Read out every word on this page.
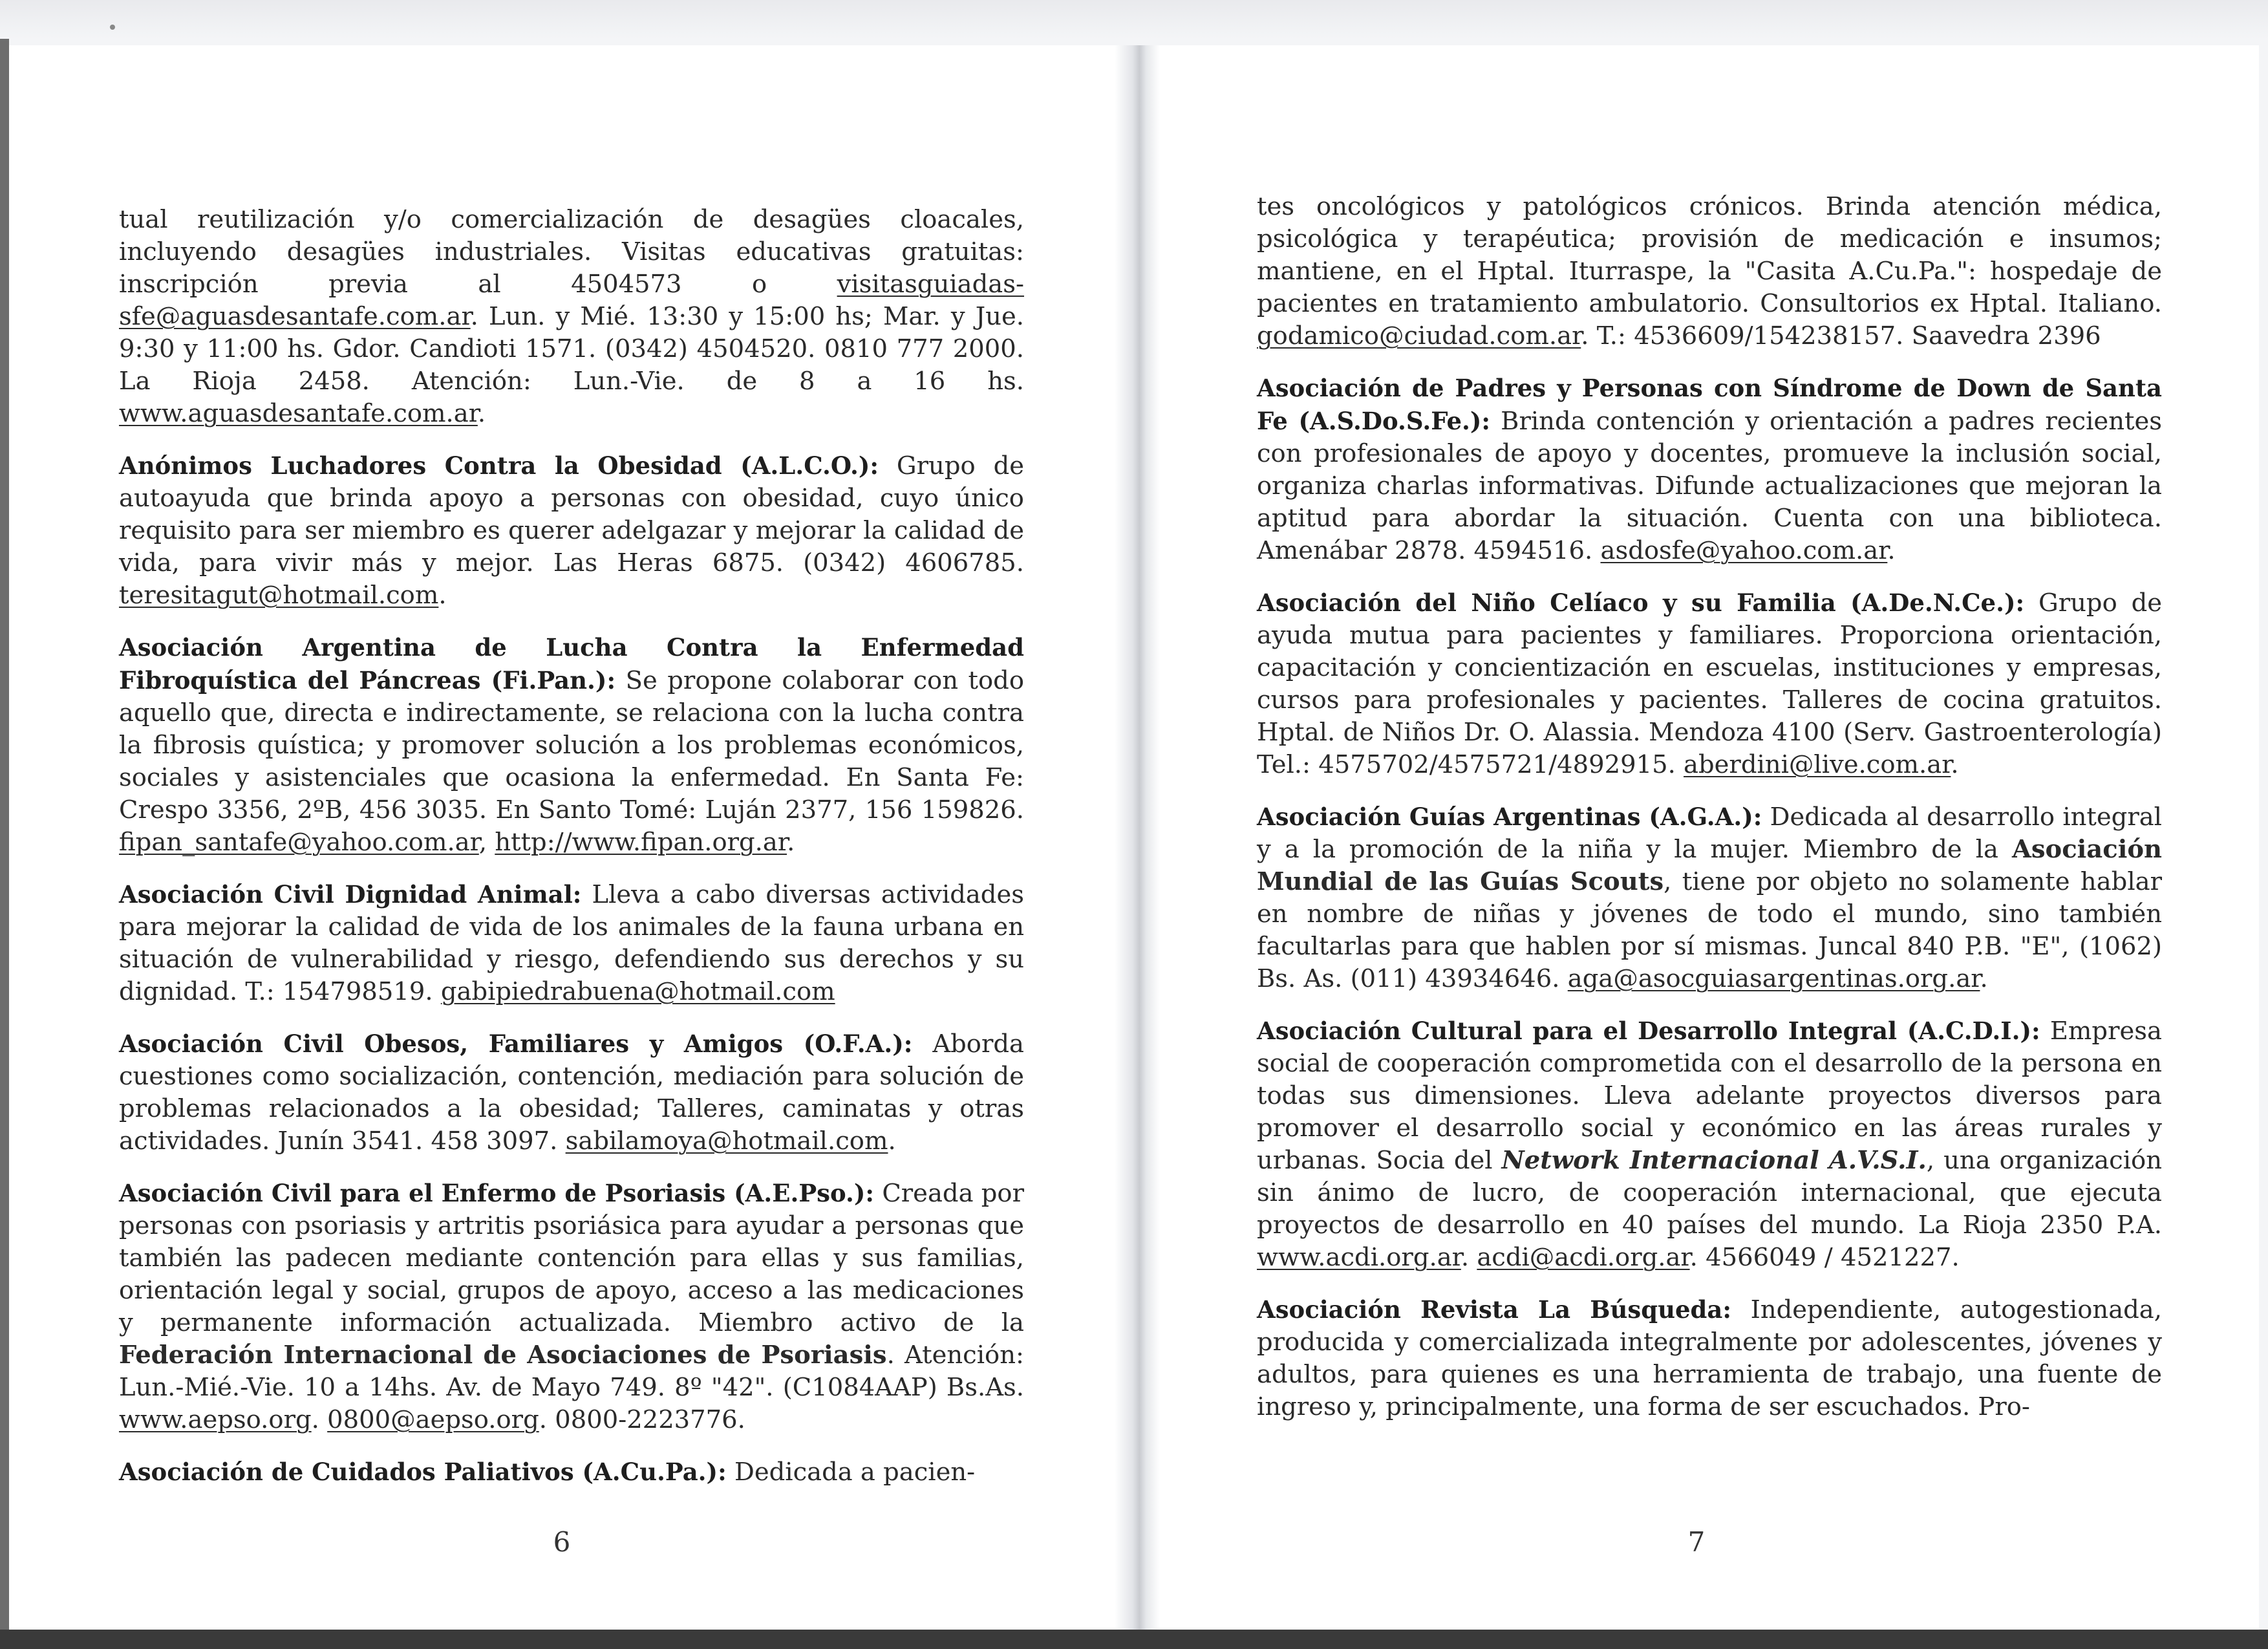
tual reutilización y/o comercialización de desagües cloacales, incluyendo desagües industriales. Visitas educativas gratuitas: inscripción previa al 4504573 o visitasguiadas-sfe@aguasdesantafe.com.ar. Lun. y Mié. 13:30 y 15:00 hs; Mar. y Jue. 9:30 y 11:00 hs. Gdor. Candioti 1571. (0342) 4504520. 0810 777 2000. La Rioja 2458. Atención: Lun.-Vie. de 8 a 16 hs. www.aguasdesantafe.com.ar.

Anónimos Luchadores Contra la Obesidad (A.L.C.O.): Grupo de autoayuda que brinda apoyo a personas con obesidad, cuyo único requisito para ser miembro es querer adelgazar y mejorar la calidad de vida, para vivir más y mejor. Las Heras 6875. (0342) 4606785. teresitagut@hotmail.com.

Asociación Argentina de Lucha Contra la Enfermedad Fibroquística del Páncreas (Fi.Pan.): Se propone colaborar con todo aquello que, directa e indirectamente, se relaciona con la lucha contra la fibrosis quística; y promover solución a los problemas económicos, sociales y asistenciales que ocasiona la enfermedad. En Santa Fe: Crespo 3356, 2ºB, 456 3035. En Santo Tomé: Luján 2377, 156 159826. fipan_santafe@yahoo.com.ar, http://www.fipan.org.ar.

Asociación Civil Dignidad Animal: Lleva a cabo diversas actividades para mejorar la calidad de vida de los animales de la fauna urbana en situación de vulnerabilidad y riesgo, defendiendo sus derechos y su dignidad. T.: 154798519. gabipiedrabuena@hotmail.com

Asociación Civil Obesos, Familiares y Amigos (O.F.A.): Aborda cuestiones como socialización, contención, mediación para solución de problemas relacionados a la obesidad; Talleres, caminatas y otras actividades. Junín 3541. 458 3097. sabilamoya@hotmail.com.

Asociación Civil para el Enfermo de Psoriasis (A.E.Pso.): Creada por personas con psoriasis y artritis psoriásica para ayudar a personas que también las padecen mediante contención para ellas y sus familias, orientación legal y social, grupos de apoyo, acceso a las medicaciones y permanente información actualizada. Miembro activo de la Federación Internacional de Asociaciones de Psoriasis. Atención: Lun.-Mié.-Vie. 10 a 14hs. Av. de Mayo 749. 8º "42". (C1084AAP) Bs.As. www.aepso.org. 0800@aepso.org. 0800-2223776.

Asociación de Cuidados Paliativos (A.Cu.Pa.): Dedicada a pacien-

6

tes oncológicos y patológicos crónicos. Brinda atención médica, psicológica y terapéutica; provisión de medicación e insumos; mantiene, en el Hptal. Iturraspe, la "Casita A.Cu.Pa.": hospedaje de pacientes en tratamiento ambulatorio. Consultorios ex Hptal. Italiano. godamico@ciudad.com.ar. T.: 4536609/154238157. Saavedra 2396

Asociación de Padres y Personas con Síndrome de Down de Santa Fe (A.S.Do.S.Fe.): Brinda contención y orientación a padres recientes con profesionales de apoyo y docentes, promueve la inclusión social, organiza charlas informativas. Difunde actualizaciones que mejoran la aptitud para abordar la situación. Cuenta con una biblioteca. Amenábar 2878. 4594516. asdosfe@yahoo.com.ar.

Asociación del Niño Celíaco y su Familia (A.De.N.Ce.): Grupo de ayuda mutua para pacientes y familiares. Proporciona orientación, capacitación y concientización en escuelas, instituciones y empresas, cursos para profesionales y pacientes. Talleres de cocina gratuitos. Hptal. de Niños Dr. O. Alassia. Mendoza 4100 (Serv. Gastroenterología) Tel.: 4575702/4575721/4892915. aberdini@live.com.ar.

Asociación Guías Argentinas (A.G.A.): Dedicada al desarrollo integral y a la promoción de la niña y la mujer. Miembro de la Asociación Mundial de las Guías Scouts, tiene por objeto no solamente hablar en nombre de niñas y jóvenes de todo el mundo, sino también facultarlas para que hablen por sí mismas. Juncal 840 P.B. "E", (1062) Bs. As. (011) 43934646. aga@asocguiasargentinas.org.ar.

Asociación Cultural para el Desarrollo Integral (A.C.D.I.): Empresa social de cooperación comprometida con el desarrollo de la persona en todas sus dimensiones. Lleva adelante proyectos diversos para promover el desarrollo social y económico en las áreas rurales y urbanas. Socia del Network Internacional A.V.S.I., una organización sin ánimo de lucro, de cooperación internacional, que ejecuta proyectos de desarrollo en 40 países del mundo. La Rioja 2350 P.A. www.acdi.org.ar. acdi@acdi.org.ar. 4566049 / 4521227.

Asociación Revista La Búsqueda: Independiente, autogestionada, producida y comercializada integralmente por adolescentes, jóvenes y adultos, para quienes es una herramienta de trabajo, una fuente de ingreso y, principalmente, una forma de ser escuchados. Pro-

7
